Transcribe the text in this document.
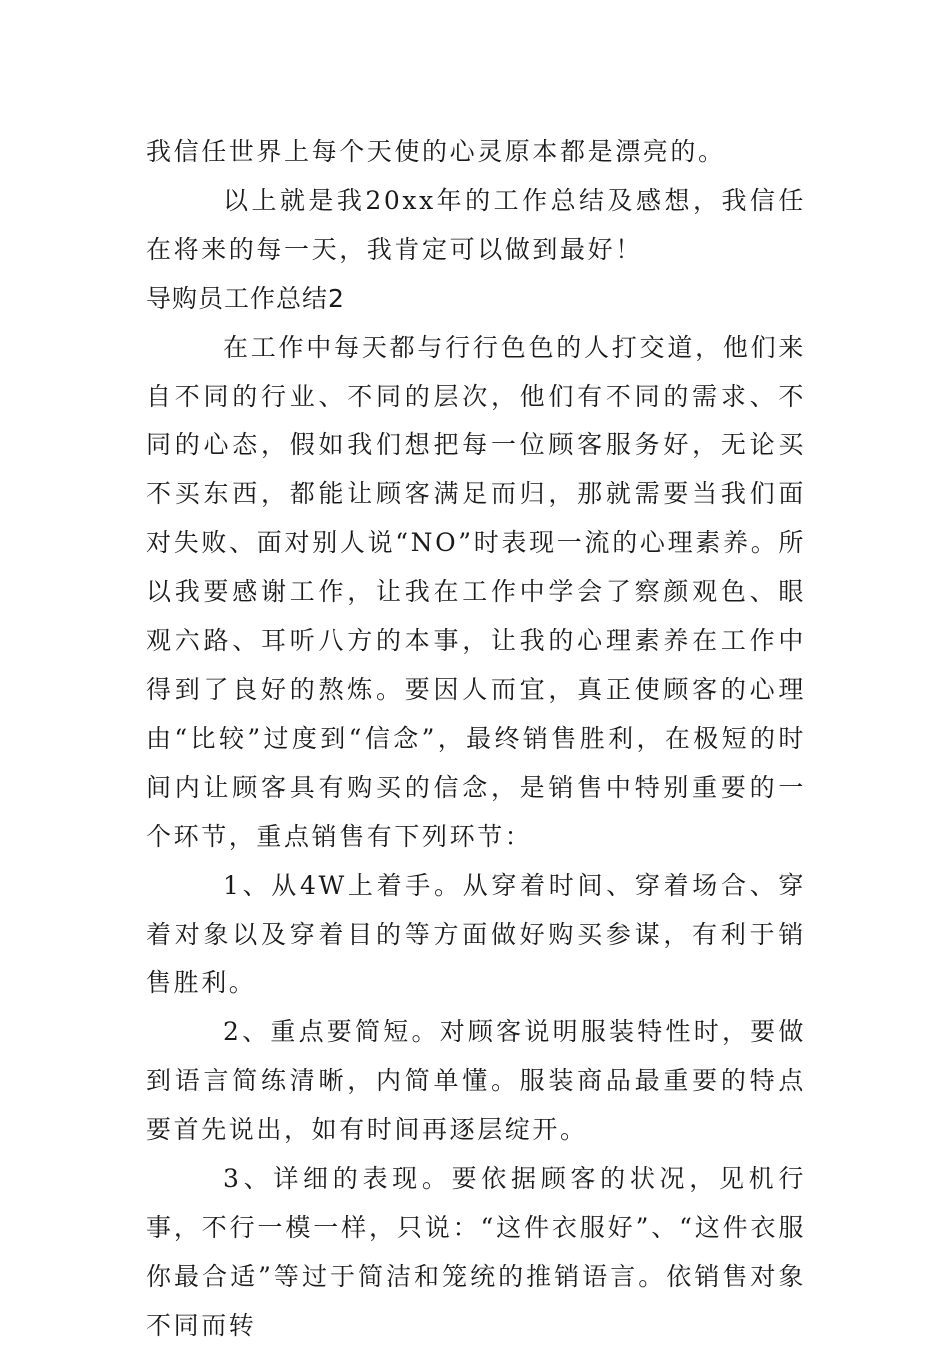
我信任世界上每个天使的心灵原本都是漂亮的。

以上就是我20xx年的工作总结及感想，我信任在将来的每一天，我肯定可以做到最好！

导购员工作总结2

在工作中每天都与行行色色的人打交道，他们来自不同的行业、不同的层次，他们有不同的需求、不同的心态，假如我们想把每一位顾客服务好，无论买不买东西，都能让顾客满足而归，那就需要当我们面对失败、面对别人说“NO”时表现一流的心理素养。所以我要感谢工作，让我在工作中学会了察颜观色、眼观六路、耳听八方的本事，让我的心理素养在工作中得到了良好的熬炼。要因人而宜，真正使顾客的心理由“比较”过度到“信念”，最终销售胜利，在极短的时间内让顾客具有购买的信念，是销售中特别重要的一个环节，重点销售有下列环节：

1、从4W上着手。从穿着时间、穿着场合、穿着对象以及穿着目的等方面做好购买参谋，有利于销售胜利。

2、重点要简短。对顾客说明服装特性时，要做到语言简练清晰，内简单懂。服装商品最重要的特点要首先说出，如有时间再逐层绽开。

3、详细的表现。要依据顾客的状况，见机行事，不行一模一样，只说：“这件衣服好”、“这件衣服你最合适”等过于简洁和笼统的推销语言。依销售对象不同而转
